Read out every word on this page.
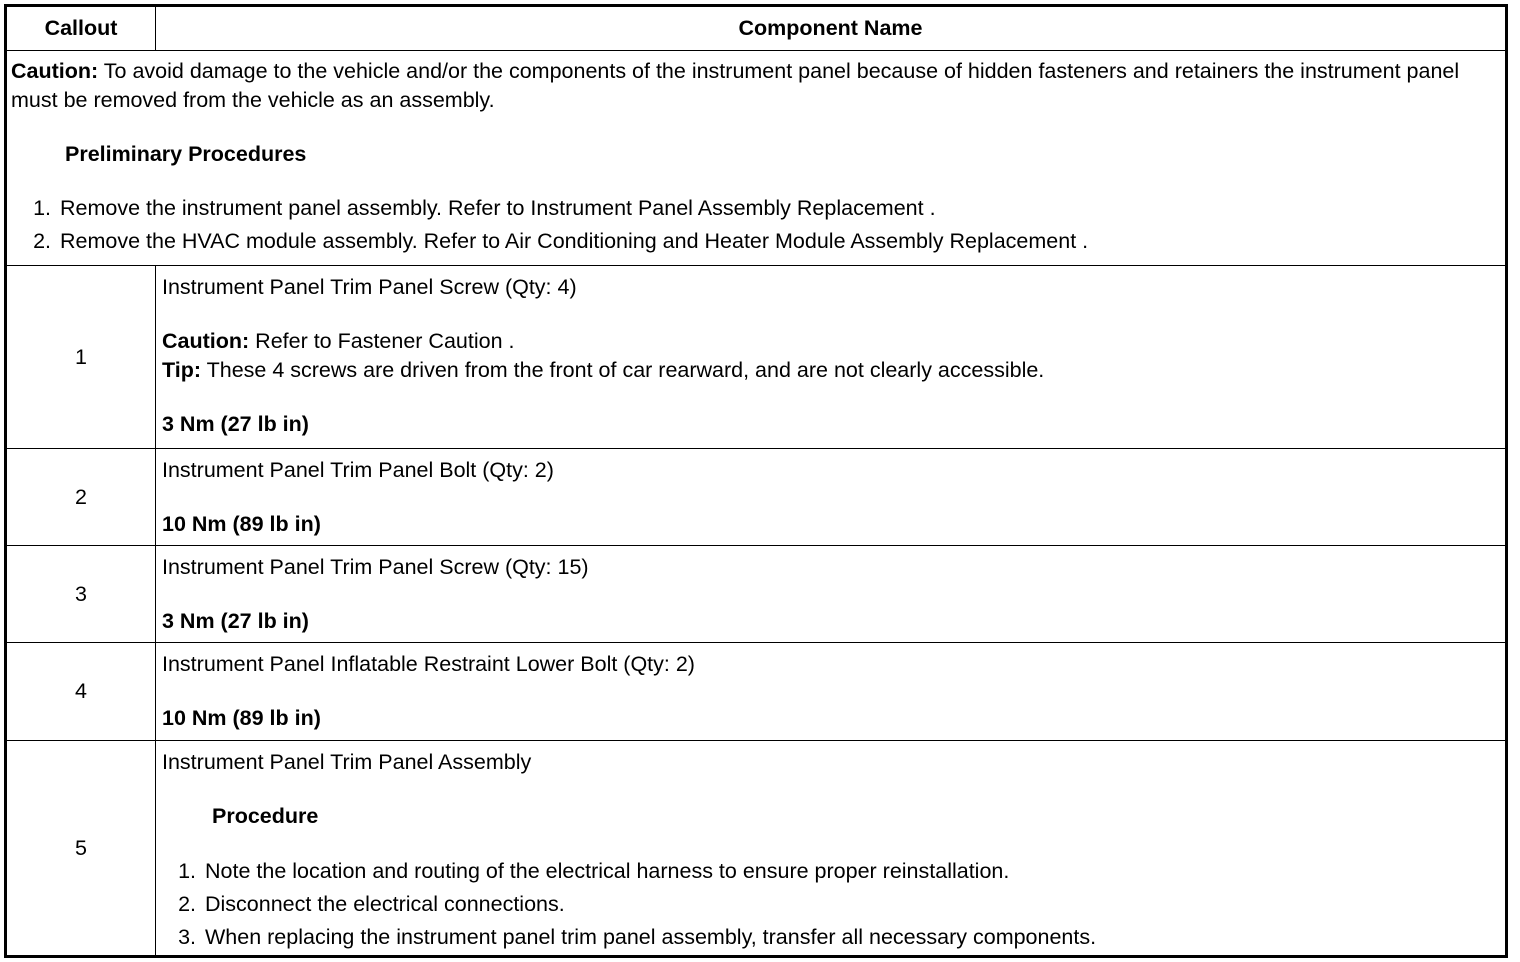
Callout	Component Name

Caution: To avoid damage to the vehicle and/or the components of the instrument panel because of hidden fasteners and retainers the instrument panel must be removed from the vehicle as an assembly.

Preliminary Procedures

1. Remove the instrument panel assembly. Refer to Instrument Panel Assembly Replacement .
2. Remove the HVAC module assembly. Refer to Air Conditioning and Heater Module Assembly Replacement .
1

Instrument Panel Trim Panel Screw (Qty: 4)

Caution: Refer to Fastener Caution .

Tip: These 4 screws are driven from the front of car rearward, and are not clearly accessible.

3 Nm (27 lb in)

2

Instrument Panel Trim Panel Bolt (Qty: 2)

10 Nm (89 lb in)

3

Instrument Panel Trim Panel Screw (Qty: 15)

3 Nm (27 lb in)

4

Instrument Panel Inflatable Restraint Lower Bolt (Qty: 2)

10 Nm (89 lb in)

5

Instrument Panel Trim Panel Assembly

Procedure

1. Note the location and routing of the electrical harness to ensure proper reinstallation.
2. Disconnect the electrical connections.
3. When replacing the instrument panel trim panel assembly, transfer all necessary components.
